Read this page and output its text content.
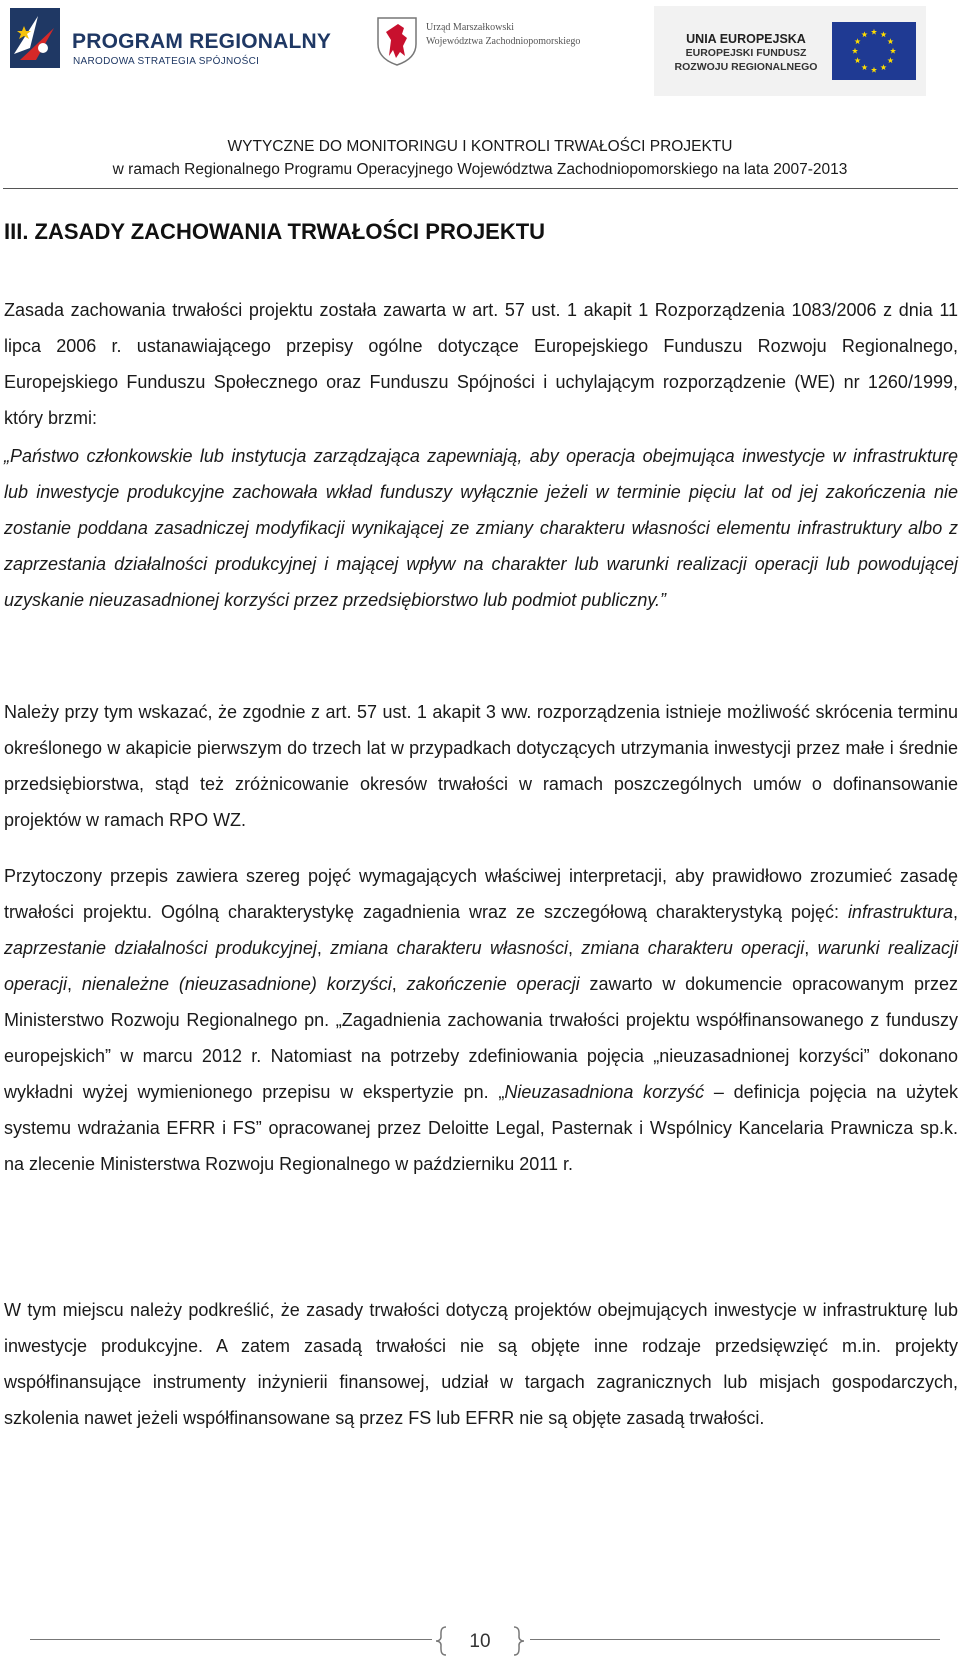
PROGRAM REGIONALNY
NARODOWA STRATEGIA SPÓJNOŚCI
Urząd Marszałkowski
Województwa Zachodniopomorskiego	UNIA EUROPEJSKA
EUROPEJSKI FUNDUSZ
ROZWOJU REGIONALNEGO
WYTYCZNE DO MONITORINGU I KONTROLI TRWAŁOŚCI PROJEKTU
w ramach Regionalnego Programu Operacyjnego Województwa Zachodniopomorskiego na lata 2007-2013
III. ZASADY ZACHOWANIA TRWAŁOŚCI PROJEKTU

Zasada zachowania trwałości projektu została zawarta w art. 57 ust. 1 akapit 1 Rozporządzenia 1083/2006 z dnia 11 lipca 2006 r. ustanawiającego przepisy ogólne dotyczące Europejskiego Funduszu Rozwoju Regionalnego, Europejskiego Funduszu Społecznego oraz Funduszu Spójności i uchylającym rozporządzenie (WE) nr 1260/1999, który brzmi:

„Państwo członkowskie lub instytucja zarządzająca zapewniają, aby operacja obejmująca inwestycje w infrastrukturę lub inwestycje produkcyjne zachowała wkład funduszy wyłącznie jeżeli w terminie pięciu lat od jej zakończenia nie zostanie poddana zasadniczej modyfikacji wynikającej ze zmiany charakteru własności elementu infrastruktury albo z zaprzestania działalności produkcyjnej i mającej wpływ na charakter lub warunki realizacji operacji lub powodującej uzyskanie nieuzasadnionej korzyści przez przedsiębiorstwo lub podmiot publiczny.”

Należy przy tym wskazać, że zgodnie z art. 57 ust. 1 akapit 3 ww. rozporządzenia istnieje możliwość skrócenia terminu określonego w akapicie pierwszym do trzech lat w przypadkach dotyczących utrzymania inwestycji przez małe i średnie przedsiębiorstwa, stąd też zróżnicowanie okresów trwałości w ramach poszczególnych umów o dofinansowanie projektów w ramach RPO WZ.

Przytoczony przepis zawiera szereg pojęć wymagających właściwej interpretacji, aby prawidłowo zrozumieć zasadę trwałości projektu. Ogólną charakterystykę zagadnienia wraz ze szczegółową charakterystyką pojęć: infrastruktura, zaprzestanie działalności produkcyjnej, zmiana charakteru własności, zmiana charakteru operacji, warunki realizacji operacji, nienależne (nieuzasadnione) korzyści, zakończenie operacji zawarto w dokumencie opracowanym przez Ministerstwo Rozwoju Regionalnego pn. „Zagadnienia zachowania trwałości projektu współfinansowanego z funduszy europejskich” w marcu 2012 r. Natomiast na potrzeby zdefiniowania pojęcia „nieuzasadnionej korzyści” dokonano wykładni wyżej wymienionego przepisu w ekspertyzie pn. „Nieuzasadniona korzyść – definicja pojęcia na użytek systemu wdrażania EFRR i FS” opracowanej przez Deloitte Legal, Pasternak i Wspólnicy Kancelaria Prawnicza sp.k. na zlecenie Ministerstwa Rozwoju Regionalnego w październiku 2011 r.

W tym miejscu należy podkreślić, że zasady trwałości dotyczą projektów obejmujących inwestycje w infrastrukturę lub inwestycje produkcyjne. A zatem zasadą trwałości nie są objęte inne rodzaje przedsięwzięć m.in. projekty współfinansujące instrumenty inżynierii finansowej, udział w targach zagranicznych lub misjach gospodarczych, szkolenia nawet jeżeli współfinansowane są przez FS lub EFRR nie są objęte zasadą trwałości.

10
